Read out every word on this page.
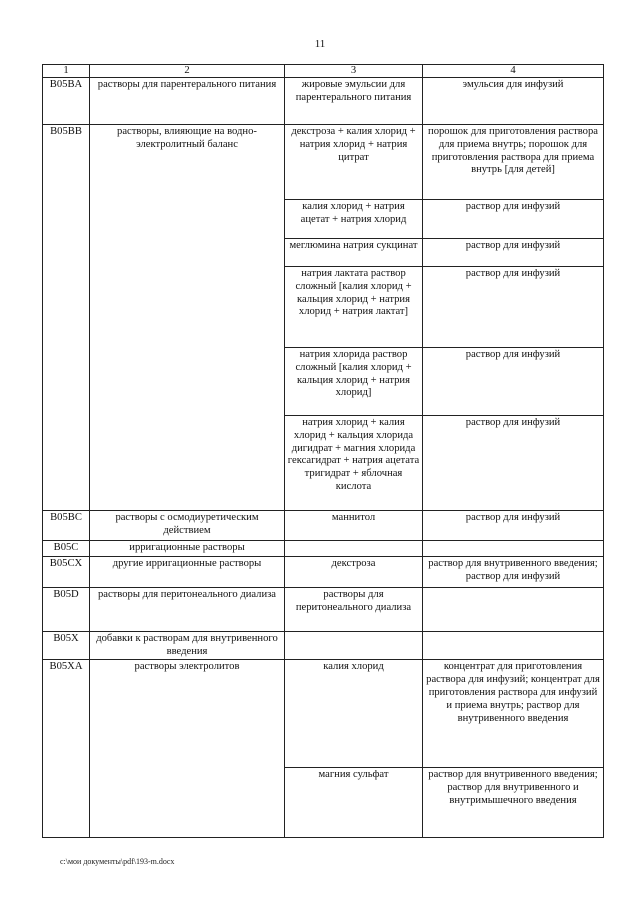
11
1	2	3	4
B05BA	растворы для парентерального питания	жировые эмульсии для парентерального питания	эмульсия для инфузий
B05BB	растворы, влияющие на водно-электролитный баланс	декстроза + калия хлорид + натрия хлорид + натрия цитрат	порошок для приготовления раствора для приема внутрь; порошок для приготовления раствора для приема внутрь [для детей]
		калия хлорид + натрия ацетат + натрия хлорид	раствор для инфузий
		меглюмина натрия сукцинат	раствор для инфузий
		натрия лактата раствор сложный [калия хлорид + кальция хлорид + натрия хлорид + натрия лактат]	раствор для инфузий
		натрия хлорида раствор сложный [калия хлорид + кальция хлорид + натрия хлорид]	раствор для инфузий
		натрия хлорид + калия хлорид + кальция хлорида дигидрат + магния хлорида гексагидрат + натрия ацетата тригидрат + яблочная кислота	раствор для инфузий
B05BC	растворы с осмодиуретическим действием	маннитол	раствор для инфузий
B05C	ирригационные растворы		
B05CX	другие ирригационные растворы	декстроза	раствор для внутривенного введения; раствор для инфузий
B05D	растворы для перитонеального диализа	растворы для перитонеального диализа	
B05X	добавки к растворам для внутривенного введения		
B05XA	растворы электролитов	калия хлорид	концентрат для приготовления раствора для инфузий; концентрат для приготовления раствора для инфузий и приема внутрь; раствор для внутривенного введения
		магния сульфат	раствор для внутривенного введения; раствор для внутривенного и внутримышечного введения
c:\мои документы\pdf\193-m.docx
